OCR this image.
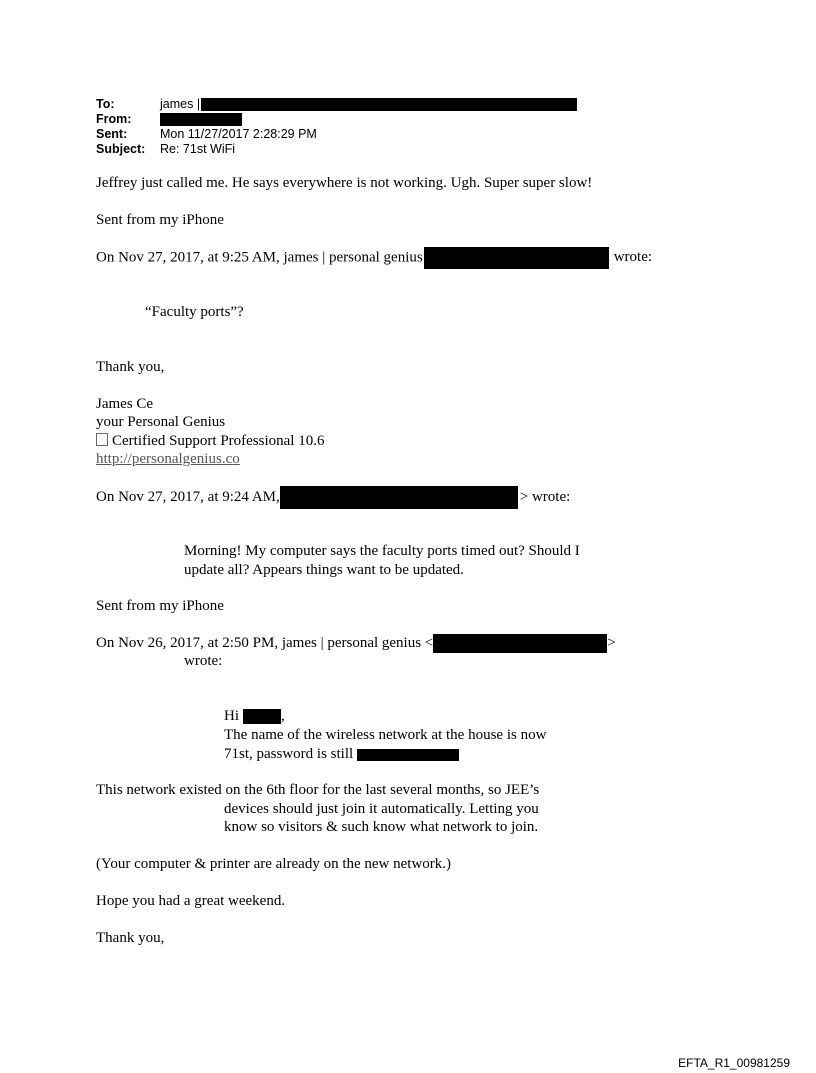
To:	james |
From:
Sent:	Mon 11/27/2017 2:28:29 PM
Subject: Re: 71st WiFi
Jeffrey just called me. He says everywhere is not working. Ugh. Super super slow!
Sent from my iPhone
On Nov 27, 2017, at 9:25 AM, james | personal genius	wrote:
“Faculty ports”?
Thank you,
James Ce
your Personal Genius
Certified Support Professional 10.6
http://personalgenius.co
On Nov 27, 2017, at 9:24 AM,	> wrote:
Morning! My computer says the faculty ports timed out? Should I
update all? Appears things want to be updated.
Sent from my iPhone
On Nov 26, 2017, at 2:50 PM, james | personal genius <	>
wrote:
Hi	,
The name of the wireless network at the house is now
71st, password is still
This network existed on the 6th floor for the last several months, so JEE’s
devices should just join it automatically. Letting you
know so visitors & such know what network to join.
(Your computer & printer are already on the new network.)
Hope you had a great weekend.
Thank you,
EFTA_R1_00981259
